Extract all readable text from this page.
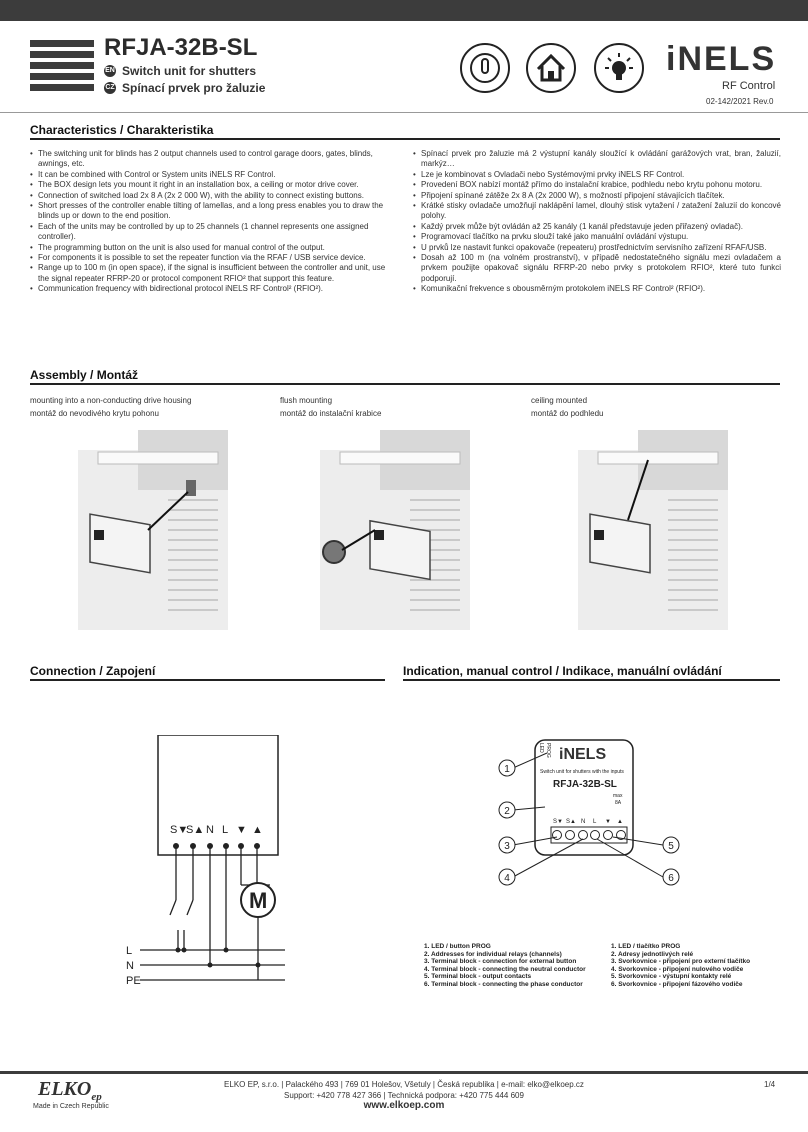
RFJA-32B-SL
EN Switch unit for shutters
CZ Spínací prvek pro žaluzie
iNELS
RF Control
02-142/2021 Rev.0
Characteristics / Charakteristika
• The switching unit for blinds has 2 output channels used to control garage doors, gates, blinds, awnings, etc.
• It can be combined with Control or System units iNELS RF Control.
• The BOX design lets you mount it right in an installation box, a ceiling or motor drive cover.
• Connection of switched load 2x 8 A (2x 2 000 W), with the ability to connect existing buttons.
• Short presses of the controller enable tilting of lamellas, and a long press enables you to draw the blinds up or down to the end position.
• Each of the units may be controlled by up to 25 channels (1 channel represents one assigned controller).
• The programming button on the unit is also used for manual control of the output.
• For components it is possible to set the repeater function via the RFAF / USB service device.
• Range up to 100 m (in open space), if the signal is insufficient between the controller and unit, use the signal repeater RFRP-20 or protocol component RFIO² that support this feature.
• Communication frequency with bidirectional protocol iNELS RF Control² (RFIO²).
• Spínací prvek pro žaluzie má 2 výstupní kanály sloužící k ovládání garážových vrat, bran, žaluzií, markýz…
• Lze je kombinovat s Ovladači nebo Systémovými prvky iNELS RF Control.
• Provedení BOX nabízí montáž přímo do instalační krabice, podhledu nebo krytu pohonu motoru.
• Připojení spínané zátěže 2x 8 A (2x 2000 W), s možností připojení stávajících tlačítek.
• Krátké stisky ovladače umožňují naklápění lamel, dlouhý stisk vytažení / zatažení žaluzií do koncové polohy.
• Každý prvek může být ovládán až 25 kanály (1 kanál představuje jeden přiřazený ovladač).
• Programovací tlačítko na prvku slouží také jako manuální ovládání výstupu.
• U prvků lze nastavit funkci opakovače (repeateru) prostřednictvím servisního zařízení RFAF/USB.
• Dosah až 100 m (na volném prostranství), v případě nedostatečného signálu mezi ovladačem a prvkem použijte opakovač signálu RFRP-20 nebo prvky s protokolem RFIO², které tuto funkci podporují.
• Komunikační frekvence s obousměrným protokolem iNELS RF Control² (RFIO²).
Assembly / Montáž
mounting into a non-conducting drive housing
montáž do nevodivého krytu pohonu
flush mounting
montáž do instalační krabice
ceiling mounted
montáž do podhledu
Connection / Zapojení	Indication, manual control / Indikace, manuální ovládání
S▼
S▲ N L ▼ ▲
M
L
N
PE
iNELS
LED PROG
Switch unit for shutters with the inputs
RFJA-32B-SL
max
8A
S▼ S▲ N L ▼ ▲
1
2
3
4
5
6
1. LED / button PROG
2. Addresses for individual relays (channels)
3. Terminal block - connection for external button
4. Terminal block - connecting the neutral conductor
5. Terminal block - output contacts
6. Terminal block - connecting the phase conductor
1. LED / tlačítko PROG
2. Adresy jednotlivých relé
3. Svorkovnice - připojení pro externí tlačítko
4. Svorkovnice - připojení nulového vodiče
5. Svorkovnice - výstupní kontakty relé
6. Svorkovnice - připojení fázového vodiče
$ELKO_{ep}$
Made in Czech Republic
ELKO EP, s.r.o. | Palackého 493 | 769 01 Holešov, Všetuly | Česká republika | e-mail: elko@elkoep.cz
Support: +420 778 427 366 | Technická podpora: +420 775 444 609
www.elkoep.com
1/4
